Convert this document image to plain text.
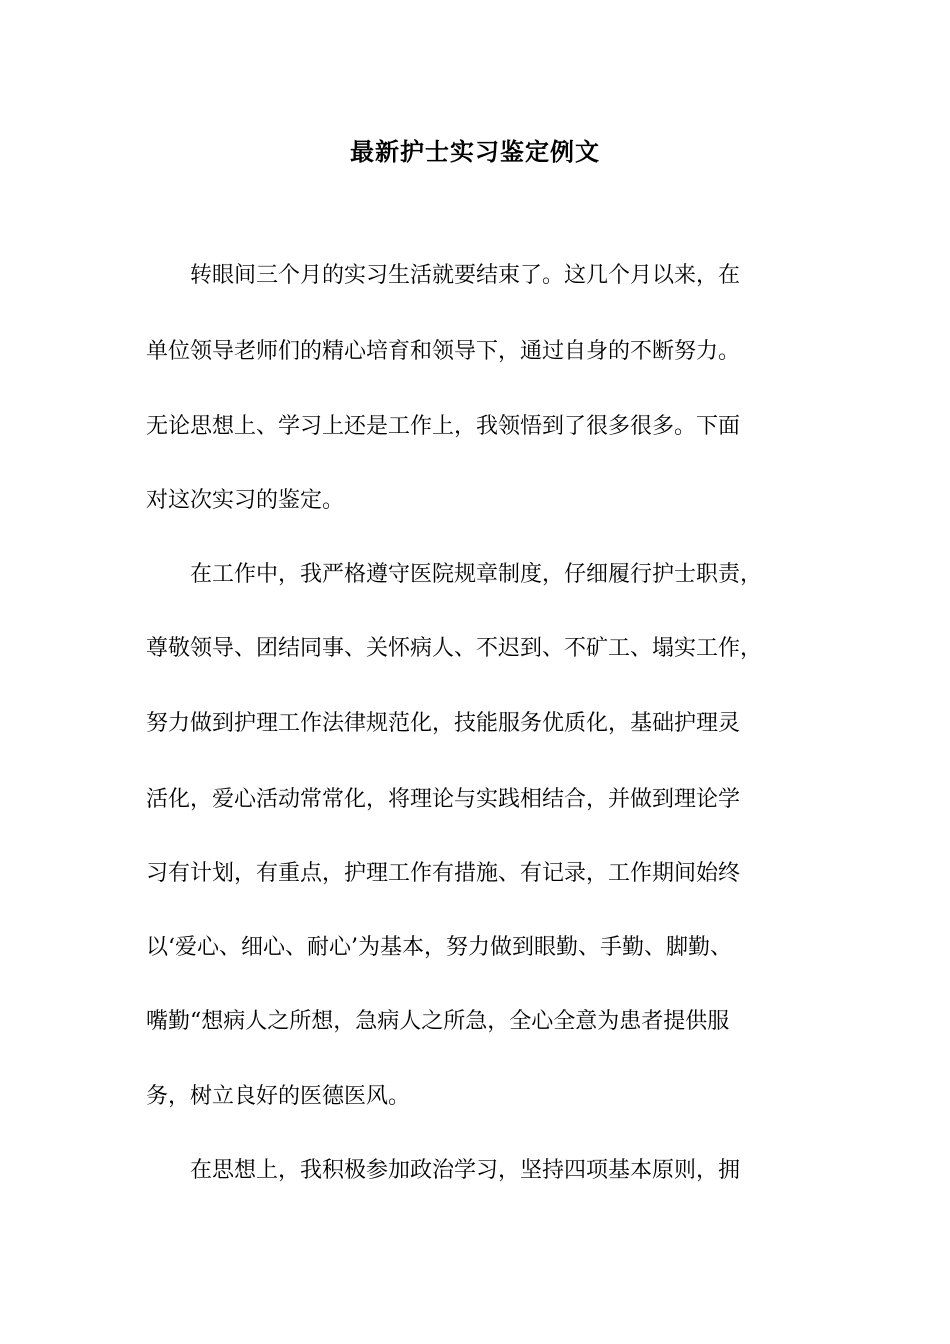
最新护士实习鉴定例文
　　转眼间三个月的实习生活就要结束了。这几个月以来，在
单位领导老师们的精心培育和领导下，通过自身的不断努力。
无论思想上、学习上还是工作上，我领悟到了很多很多。下面
对这次实习的鉴定。
　　在工作中，我严格遵守医院规章制度，仔细履行护士职责，
尊敬领导、团结同事、关怀病人、不迟到、不矿工、塌实工作，
努力做到护理工作法律规范化，技能服务优质化，基础护理灵
活化，爱心活动常常化，将理论与实践相结合，并做到理论学
习有计划，有重点，护理工作有措施、有记录，工作期间始终
以‘爱心、细心、耐心’为基本，努力做到眼勤、手勤、脚勤、
嘴勤“想病人之所想，急病人之所急，全心全意为患者提供服
务，树立良好的医德医风。
　　在思想上，我积极参加政治学习，坚持四项基本原则，拥
